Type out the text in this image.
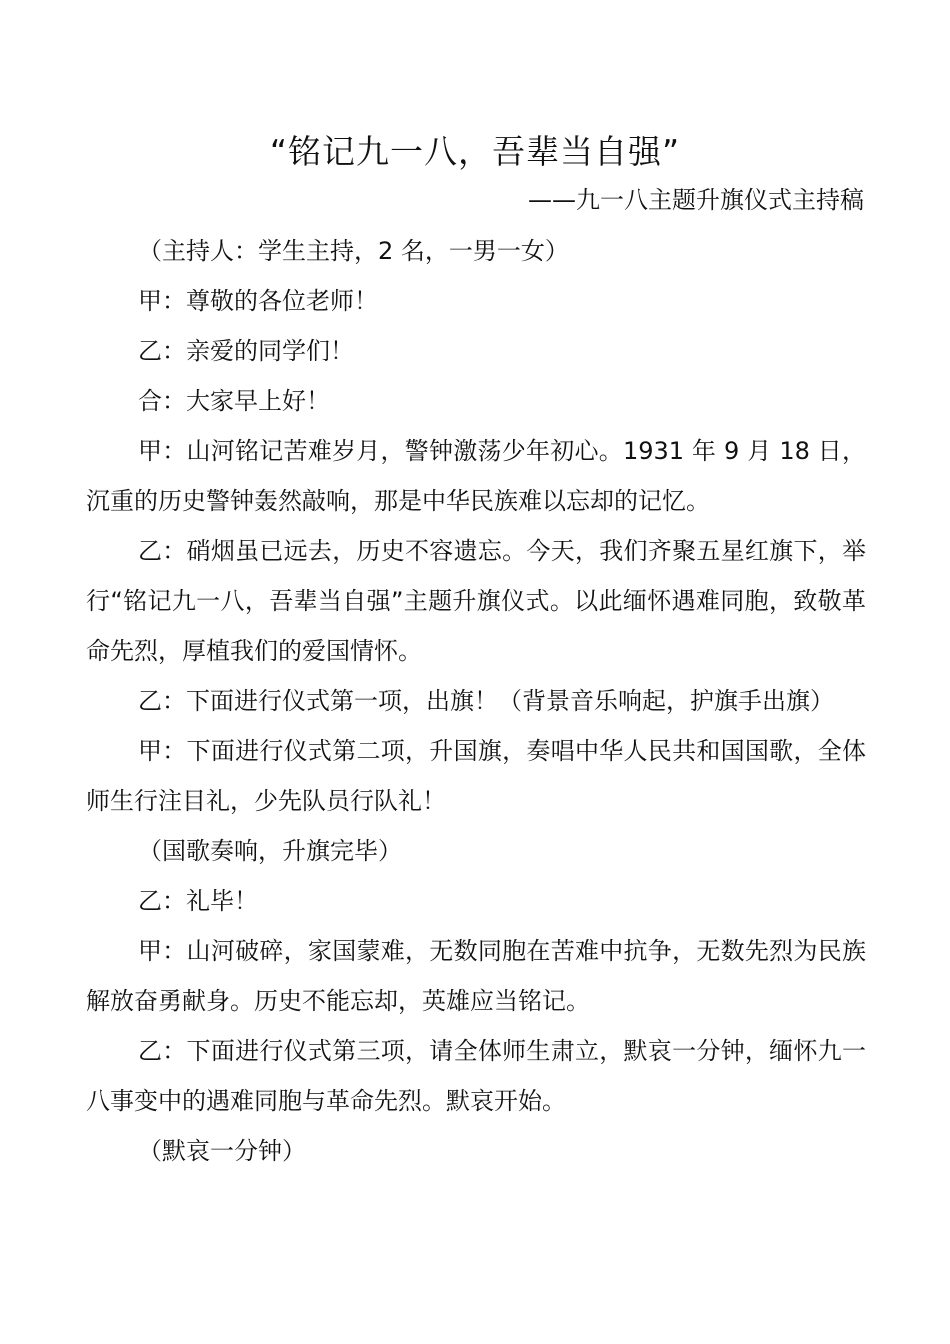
“铭记九一八，吾辈当自强”
——九一八主题升旗仪式主持稿

（主持人：学生主持，2 名，一男一女）

甲：尊敬的各位老师！

乙：亲爱的同学们！

合：大家早上好！

甲：山河铭记苦难岁月，警钟激荡少年初心。1931 年 9 月 18 日，沉重的历史警钟轰然敲响，那是中华民族难以忘却的记忆。

乙：硝烟虽已远去，历史不容遗忘。今天，我们齐聚五星红旗下，举行“铭记九一八，吾辈当自强”主题升旗仪式。以此缅怀遇难同胞，致敬革命先烈，厚植我们的爱国情怀。

乙：下面进行仪式第一项，出旗！（背景音乐响起，护旗手出旗）

甲：下面进行仪式第二项，升国旗，奏唱中华人民共和国国歌，全体师生行注目礼，少先队员行队礼！

（国歌奏响，升旗完毕）

乙：礼毕！

甲：山河破碎，家国蒙难，无数同胞在苦难中抗争，无数先烈为民族解放奋勇献身。历史不能忘却，英雄应当铭记。

乙：下面进行仪式第三项，请全体师生肃立，默哀一分钟，缅怀九一八事变中的遇难同胞与革命先烈。默哀开始。

（默哀一分钟）
